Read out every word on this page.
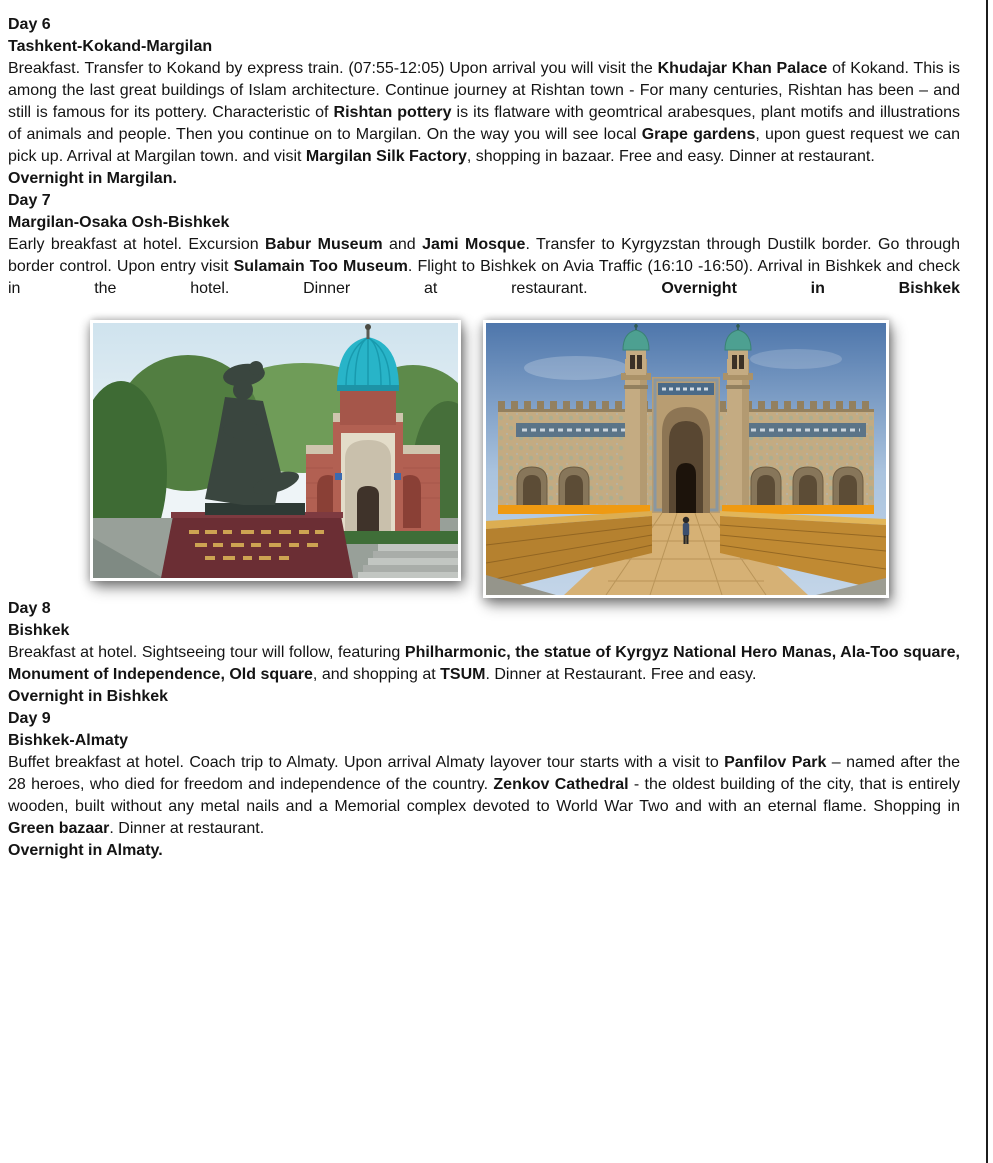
Day 6

Tashkent-Kokand-Margilan

Breakfast. Transfer to Kokand by express train. (07:55-12:05) Upon arrival you will visit the Khudajar Khan Palace of Kokand. This is among the last great buildings of Islam architecture. Continue journey at Rishtan town - For many centuries, Rishtan has been – and still is famous for its pottery. Characteristic of Rishtan pottery is its flatware with geomtrical arabesques, plant motifs and illustrations of animals and people. Then you continue on to Margilan. On the way you will see local Grape gardens, upon guest request we can pick up. Arrival at Margilan town. and visit Margilan Silk Factory, shopping in bazaar. Free and easy. Dinner at restaurant.

Overnight in Margilan.

Day 7

Margilan-Osaka Osh-Bishkek

Early breakfast at hotel. Excursion Babur Museum and Jami Mosque. Transfer to Kyrgyzstan through Dustilk border. Go through border control. Upon entry visit Sulamain Too Museum. Flight to Bishkek on Avia Traffic (16:10 -16:50). Arrival in Bishkek and check in the hotel. Dinner at restaurant. Overnight in Bishkek

Day 8

Bishkek

Breakfast at hotel. Sightseeing tour will follow, featuring Philharmonic, the statue of Kyrgyz National Hero Manas, Ala-Too square, Monument of Independence, Old square, and shopping at TSUM. Dinner at Restaurant. Free and easy.

Overnight in Bishkek

Day 9

Bishkek-Almaty

Buffet breakfast at hotel. Coach trip to Almaty. Upon arrival Almaty layover tour starts with a visit to Panfilov Park – named after the 28 heroes, who died for freedom and independence of the country. Zenkov Cathedral - the oldest building of the city, that is entirely wooden, built without any metal nails and a Memorial complex devoted to World War Two and with an eternal flame. Shopping in Green bazaar. Dinner at restaurant.

Overnight in Almaty.
